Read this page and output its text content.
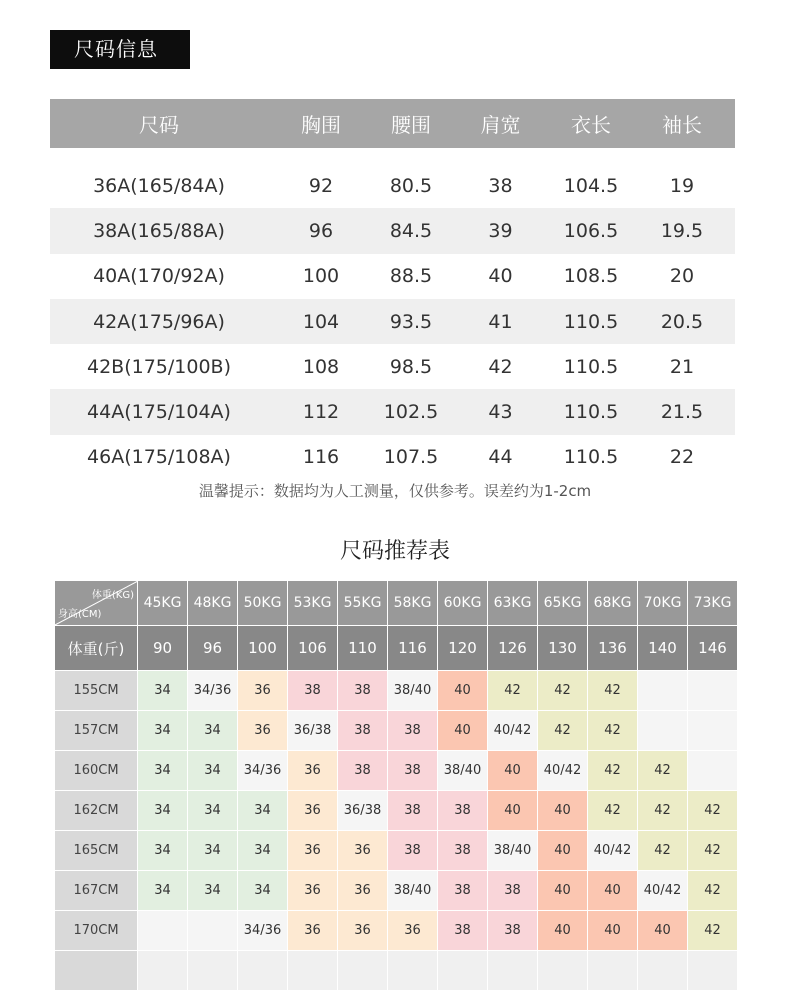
尺码信息
尺码	胸围	腰围	肩宽	衣长	袖长
36A(165/84A)	92	80.5	38	104.5	19
38A(165/88A)	96	84.5	39	106.5	19.5
40A(170/92A)	100	88.5	40	108.5	20
42A(175/96A)	104	93.5	41	110.5	20.5
42B(175/100B)	108	98.5	42	110.5	21
44A(175/104A)	112	102.5	43	110.5	21.5
46A(175/108A)	116	107.5	44	110.5	22
温馨提示：数据均为人工测量，仅供参考。误差约为1-2cm
尺码推荐表
体重(KG)
身高(CM)	45KG	48KG	50KG	53KG	55KG	58KG	60KG	63KG	65KG	68KG	70KG	73KG
体重(斤)	90	96	100	106	110	116	120	126	130	136	140	146
155CM	34	34/36	36	38	38	38/40	40	42	42	42		
157CM	34	34	36	36/38	38	38	40	40/42	42	42		
160CM	34	34	34/36	36	38	38	38/40	40	40/42	42	42	
162CM	34	34	34	36	36/38	38	38	40	40	42	42	42
165CM	34	34	34	36	36	38	38	38/40	40	40/42	42	42
167CM	34	34	34	36	36	38/40	38	38	40	40	40/42	42
170CM			34/36	36	36	36	38	38	40	40	40	42
